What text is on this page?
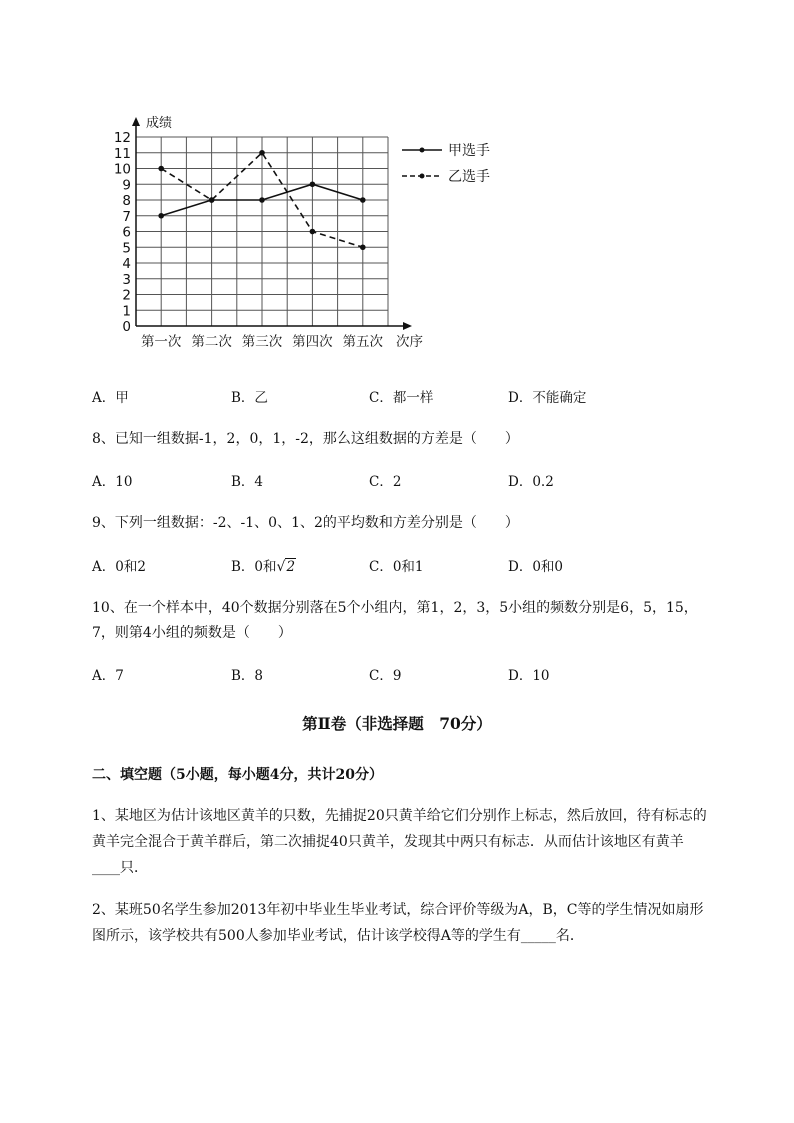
0
1
2
3
4
5
6
7
8
9
10
11
12
第一次 第二次 第三次 第四次 第五次
甲选手
乙选手
成绩
次序
A．甲	B．乙	C．都一样	D．不能确定
8、已知一组数据-1，2，0，1，-2，那么这组数据的方差是（　　）
A．10	B．4	C．2	D．0.2
9、下列一组数据：-2、-1、0、1、2的平均数和方差分别是（　　）
A．0和2	B．0和√2	C．0和1	D．0和0
10、在一个样本中，40个数据分别落在5个小组内，第1，2，3，5小组的频数分别是6，5，15，
7，则第4小组的频数是（　　）
A．7	B．8	C．9	D．10
第Ⅱ卷（非选择题　70分）
二、填空题（5小题，每小题4分，共计20分）
1、某地区为估计该地区黄羊的只数，先捕捉20只黄羊给它们分别作上标志，然后放回，待有标志的
黄羊完全混合于黄羊群后，第二次捕捉40只黄羊，发现其中两只有标志．从而估计该地区有黄羊
____只．
2、某班50名学生参加2013年初中毕业生毕业考试，综合评价等级为A，B，C等的学生情况如扇形
图所示，该学校共有500人参加毕业考试，估计该学校得A等的学生有_____名．
